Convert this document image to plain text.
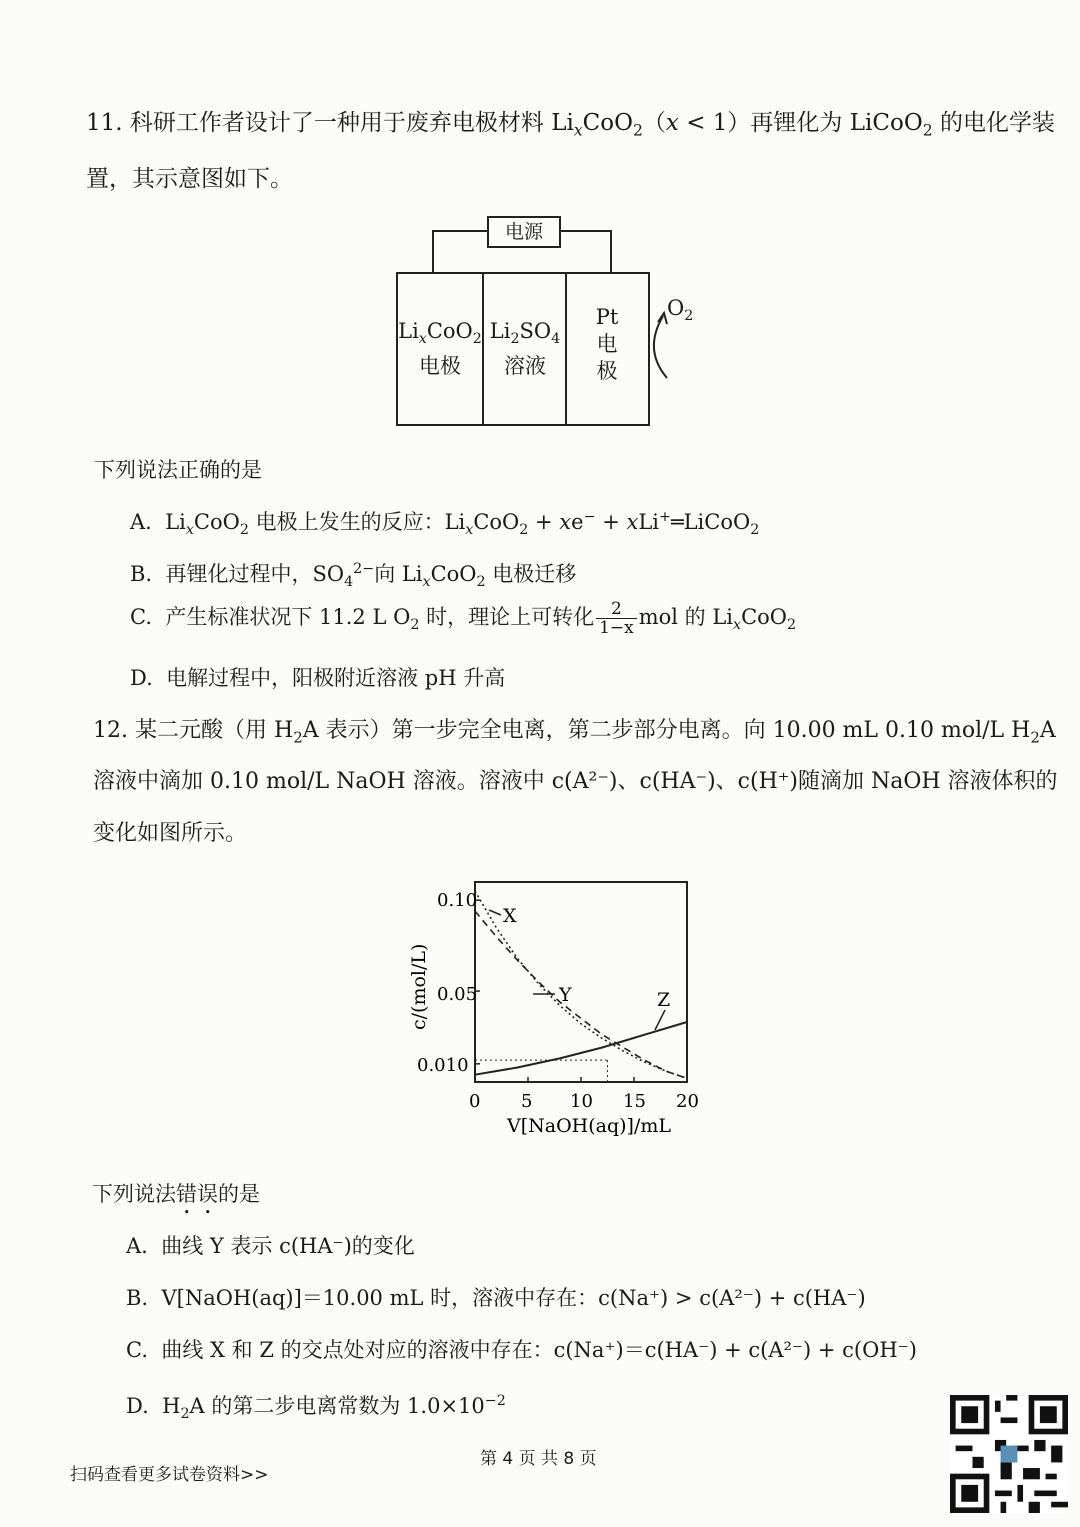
11. 科研工作者设计了一种用于废弃电极材料 $Li_xCoO_2(x < 1)$再锂化为 LiCoO$_2$ 的电化学装
置，其示意图如下。
电源
$Li_xCoO_2$
电极
$Li_2SO_4$
溶液
Pt
电
极
$O_2$
下列说法正确的是
A. $Li_xCoO_2$ 电极上发生的反应：$Li_xCoO_2 + xe^-$ + xLi+═LiCoO$_2$
B. 再锂化过程中，$SO_4^{2-}$向 $Li_xCoO_2$ 电极迁移
C. 产生标准状况下 11.2 L $O_2$ 时，理论上可转化 $\frac{2}{1-x}$ mol 的 $Li_xCoO_2$
D. 电解过程中，阳极附近溶液 pH 升高
12. 某二元酸（用 $H_2A$ 表示）第一步完全电离，第二步部分电离。向 10.00 mL 0.10 mol/L $H_2A$
溶液中滴加 0.10 mol/L NaOH 溶液。溶液中 c(A²⁻)、c(HA⁻)、c(H⁺)随滴加 NaOH 溶液体积的
变化如图所示。
0.10
0.05
0.010
0 5 10 15 20
V[NaOH(aq)]/mL
c/(mol/L)
X
Y	Z
下列说法错误的是
A. 曲线 Y 表示 c(HA⁻)的变化
B. V[NaOH(aq)]＝10.00 mL 时，溶液中存在：c(Na⁺) > c(A²⁻) + c(HA⁻)
C. 曲线 X 和 Z 的交点处对应的溶液中存在：c(Na⁺)＝c(HA⁻) + c(A²⁻) + c(OH⁻)
D. $H_2A$ 的第二步电离常数为 $1.0\times 10^{-2}$
第 4 页 共 8 页
扫码查看更多试卷资料>>
